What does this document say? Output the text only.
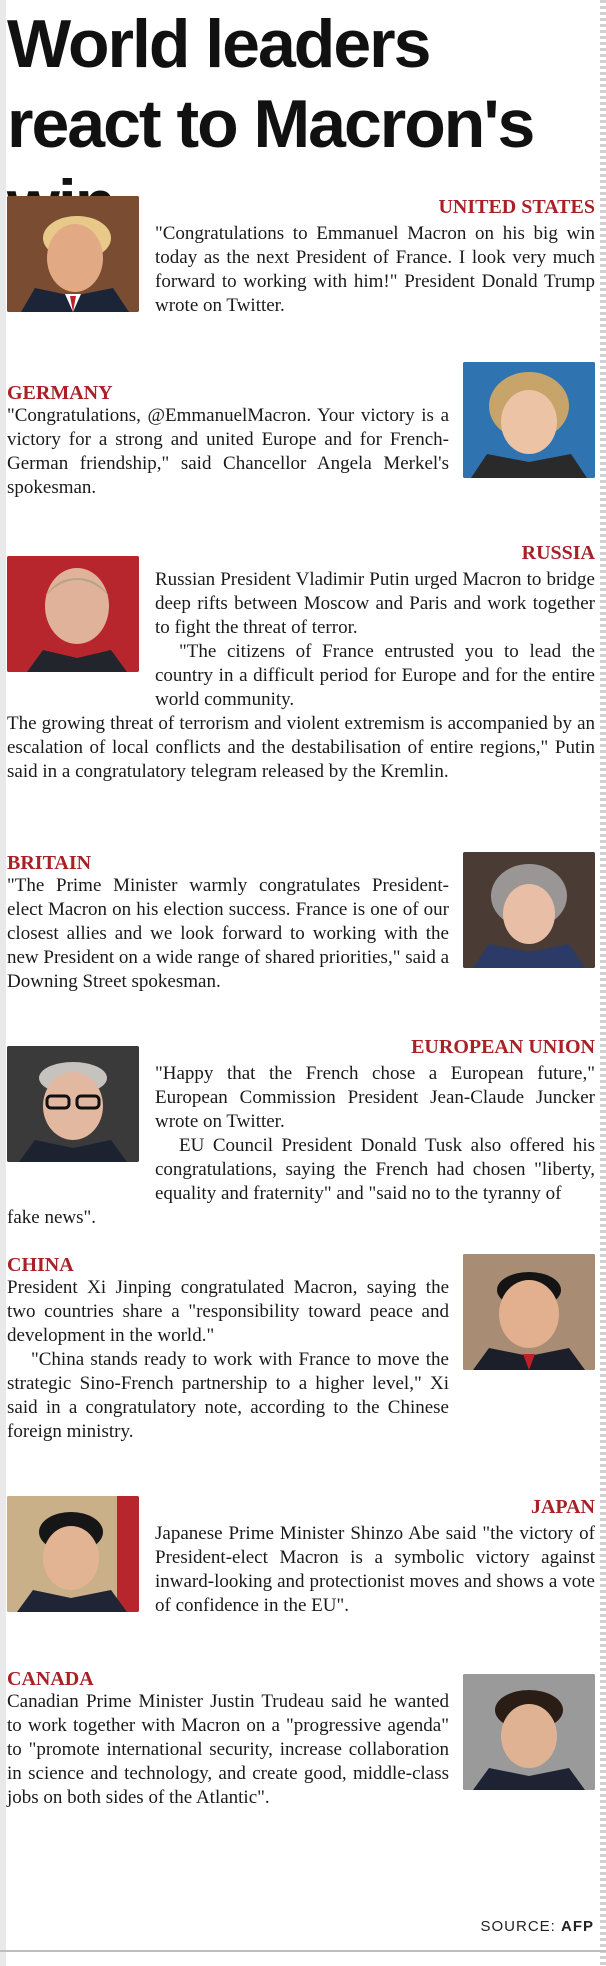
World leaders react to Macron's
UNITED STATES

"Congratulations to Emmanuel Macron on his big win today as the next President of France. I look very much forward to working with him!" President Donald Trump wrote on Twitter.

GERMANY

"Congratulations, @EmmanuelMacron. Your victory is a victory for a strong and united Europe and for French-German friendship," said Chancellor Angela Merkel's spokesman.

RUSSIA

Russian President Vladimir Putin urged Macron to bridge deep rifts between Moscow and Paris and work together to fight the threat of terror.

"The citizens of France entrusted you to lead the country in a difficult period for Europe and for the entire world community.

The growing threat of terrorism and violent extremism is accompanied by an escalation of local conflicts and the destabilisation of entire regions," Putin said in a congratulatory telegram released by the Kremlin.

BRITAIN

"The Prime Minister warmly congratulates President-elect Macron on his election success. France is one of our closest allies and we look forward to working with the new President on a wide range of shared priorities," said a Downing Street spokesman.

EUROPEAN UNION

"Happy that the French chose a European future," European Commission President Jean-Claude Juncker wrote on Twitter.

EU Council President Donald Tusk also offered his congratulations, saying the French had chosen "liberty, equality and fraternity" and "said no to the tyranny of

fake news".

CHINA

President Xi Jinping congratulated Macron, saying the two countries share a "responsibility toward peace and development in the world."

"China stands ready to work with France to move the strategic Sino-French partnership to a higher level," Xi said in a congratulatory note, according to the Chinese foreign ministry.

JAPAN

Japanese Prime Minister Shinzo Abe said "the victory of President-elect Macron is a symbolic victory against inward-looking and protectionist moves and shows a vote of confidence in the EU".

CANADA

Canadian Prime Minister Justin Trudeau said he wanted to work together with Macron on a "progressive agenda" to "promote international security, increase collaboration in science and technology, and create good, middle-class jobs on both sides of the Atlantic".

SOURCE: AFP
